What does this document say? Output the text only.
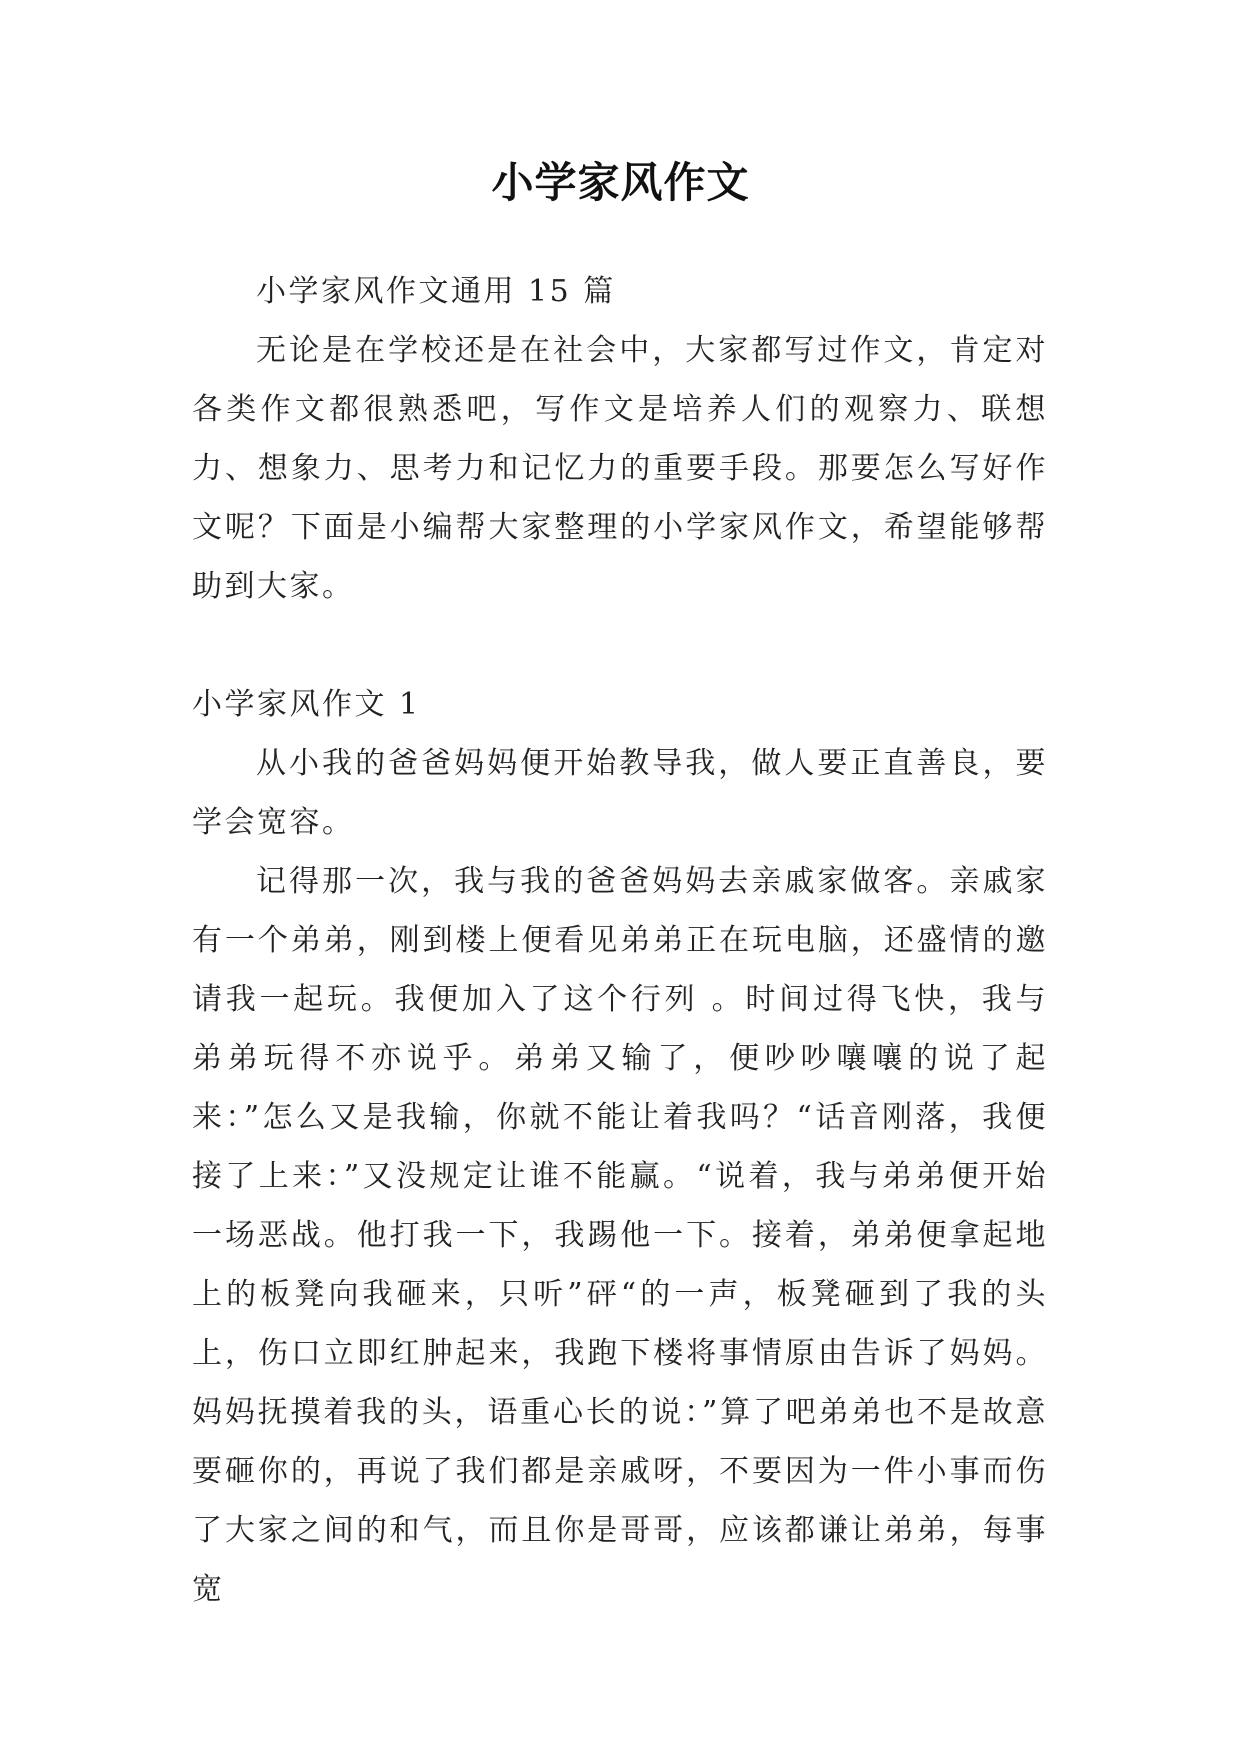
小学家风作文

小学家风作文通用 15 篇

无论是在学校还是在社会中，大家都写过作文，肯定对各类作文都很熟悉吧，写作文是培养人们的观察力、联想力、想象力、思考力和记忆力的重要手段。那要怎么写好作文呢？下面是小编帮大家整理的小学家风作文，希望能够帮助到大家。

小学家风作文 1

从小我的爸爸妈妈便开始教导我，做人要正直善良，要学会宽容。

记得那一次，我与我的爸爸妈妈去亲戚家做客。亲戚家有一个弟弟，刚到楼上便看见弟弟正在玩电脑，还盛情的邀请我一起玩。我便加入了这个行列 。时间过得飞快，我与弟弟玩得不亦说乎。弟弟又输了，便吵吵嚷嚷的说了起来：”怎么又是我输，你就不能让着我吗？“话音刚落，我便接了上来：”又没规定让谁不能赢。“说着，我与弟弟便开始一场恶战。他打我一下，我踢他一下。接着，弟弟便拿起地上的板凳向我砸来，只听”砰“的一声，板凳砸到了我的头上，伤口立即红肿起来，我跑下楼将事情原由告诉了妈妈。妈妈抚摸着我的头，语重心长的说：”算了吧弟弟也不是故意要砸你的，再说了我们都是亲戚呀，不要因为一件小事而伤了大家之间的和气，而且你是哥哥，应该都谦让弟弟，每事宽
